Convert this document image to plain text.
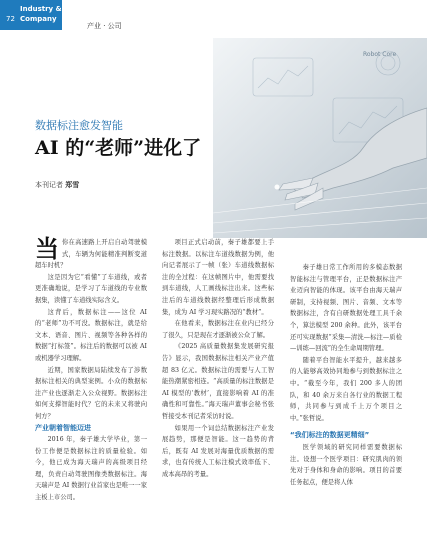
Industry &
Company
72
产业 · 公司
Robot Core
数据标注愈发智能
AI 的“老师”进化了
本刊记者 郑雪

当你在高速路上开启自动驾驶模式，车辆为何能精准判断变道超车时机？

这是因为它“看懂”了车道线，或者更准确地说，是学习了车道线的专业数据集，读懂了车道线实际含义。

这背后，数据标注——这位 AI 的“老师”功不可没。数据标注，就是给文本、语音、图片、视频等各种各样的数据“打标签”。标注后的数据可以被 AI 或机器学习理解。

近期，国家数据局陆续发布了涉数据标注相关的典型案例。小众的数据标注产业也逐渐走入公众视野。数据标注如何支撑智能时代？它的未来又将驶向何方？

产业朝着智能迈进

2016 年，秦子雄大学毕业，第一份工作便是数据标注的质量检验。如今，他已成为海天瑞声的高级项目经理，负责自动驾驶图像类数据标注。海天瑞声是 AI 数据行业首家也是唯一一家主板上市公司。

项目正式启动前，秦子雄都要上手标注数据。以标注车道线数据为例，他向记者展示了一帧（张）车道线数据标注的全过程：在这帧图片中，他需要找到车道线，人工画线标注出来。这些标注后的车道线数据经整理后形成数据集，成为 AI 学习现实路况的“教材”。

在他看来，数据标注在业内已经分了很久，只是现在才逐渐被公众了解。

《2025 高质量数据集发展研究报告》显示，我国数据标注相关产业产值超 83 亿元。数据标注的需要与人工智能热潮紧密相连。“高质量的标注数据是 AI 模型的‘教材’，直接影响着 AI 的准确性和可靠性。”海天瑞声董事会秘书张哲接受本刊记者采访时说。

如果用一个词总结数据标注产业发展趋势，那便是智能。这一趋势的背后，既有 AI 发展对海量优质数据的需求，也有传统人工标注模式效率低下、成本高昂的考量。

秦子雄日常工作所用的多模态数据智能标注与管理平台，正是数据标注产业迈向智能的体现。该平台由海天瑞声研制，支持视频、图片、音频、文本等数据标注，含有自研数据处理工具千余个，算法模型 200 余种。此外，该平台还可实现数据“采集—清洗—标注—质检—训练—回流”的全生命周期管理。

随着平台智能水平提升，越来越多的人能够高效协同地参与到数据标注之中。“截至今年，我们 200 多人的团队，和 40 余万来自各行业的数据工程师，共同参与到成千上万个项目之中。”张哲说。

“我们标注的数据更精细”

医学领域的研究同样需要数据标注。设想一个医学项目：研究肌肉的领先对于身体和身命的影响。项目的首要任务起点，便是将人体
